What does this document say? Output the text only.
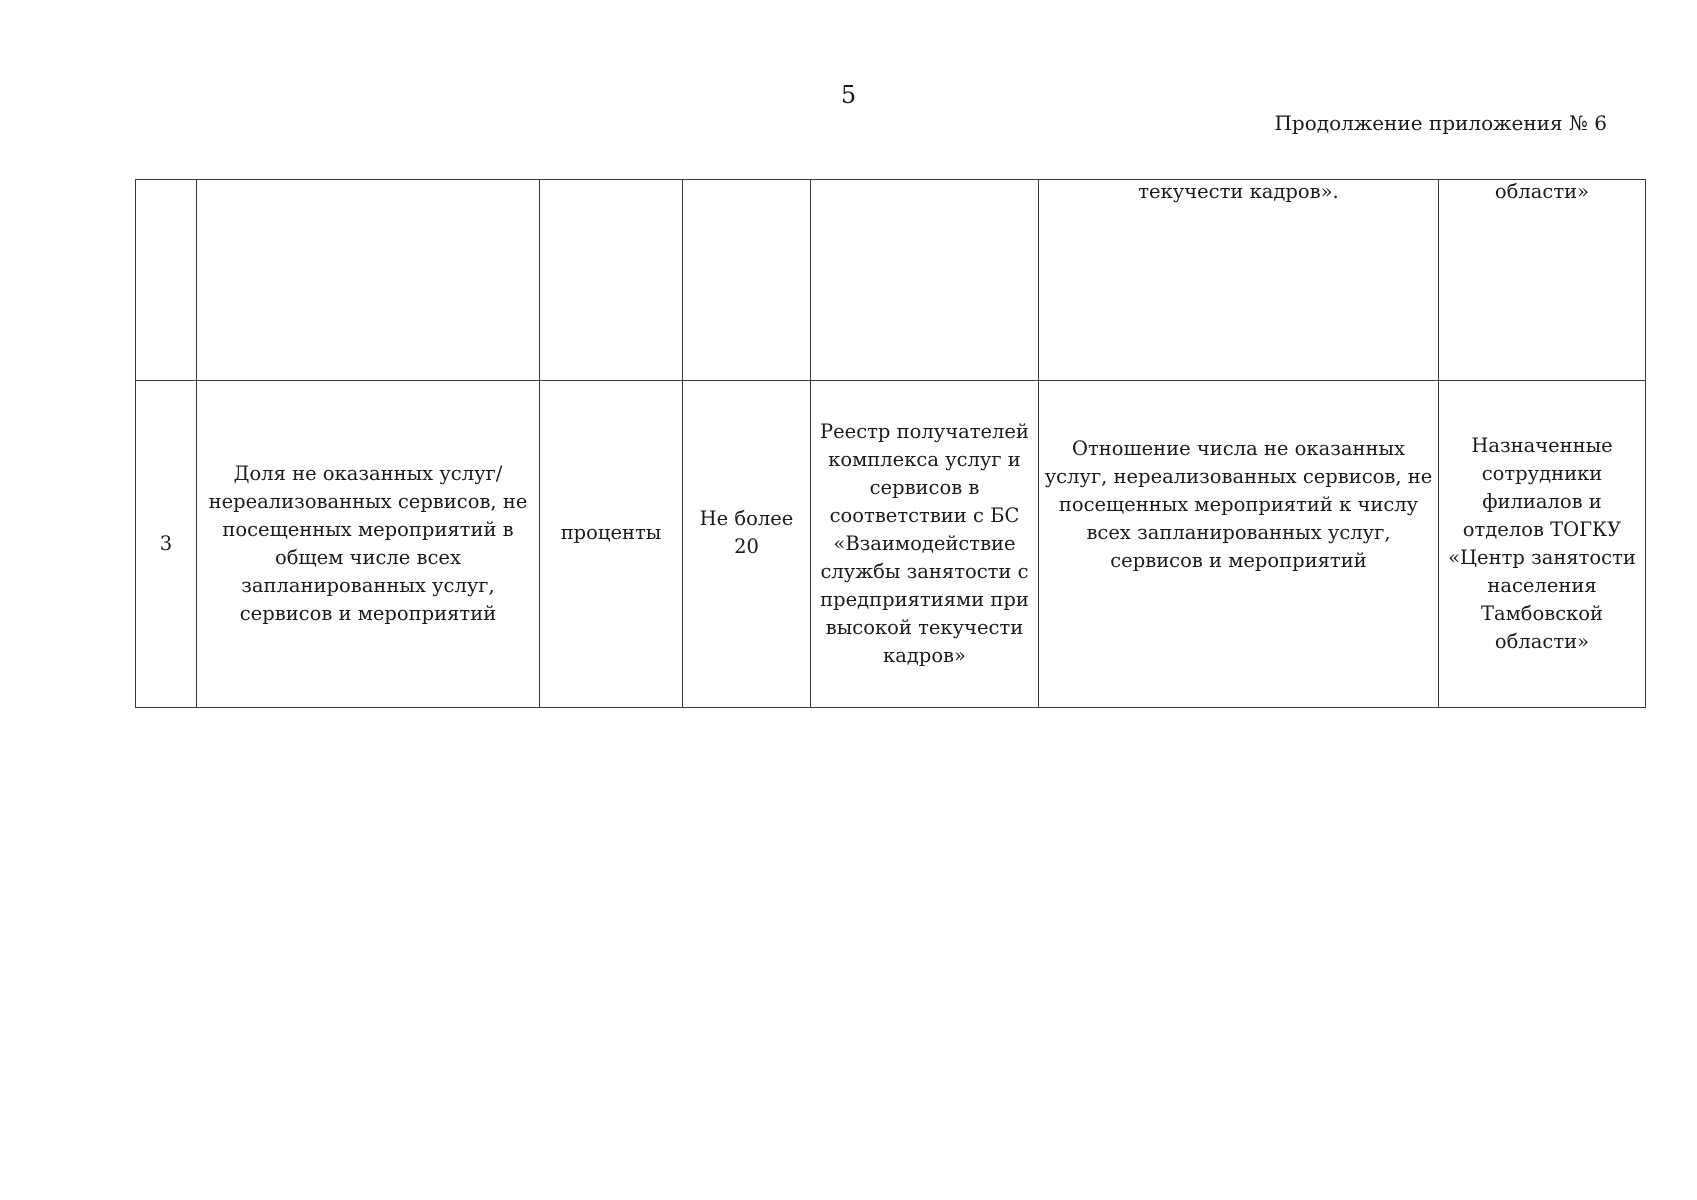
5
Продолжение приложения № 6

					текучести кадров».	области»

3	Доля не оказанных услуг/ нереализованных сервисов, не посещенных мероприятий в общем числе всех запланированных услуг, сервисов и мероприятий	проценты	Не более 20	Реестр получателей комплекса услуг и сервисов в соответствии с БС «Взаимодействие службы занятости с предприятиями при высокой текучести кадров»	Отношение числа не оказанных услуг, нереализованных сервисов, не посещенных мероприятий к числу всех запланированных услуг, сервисов и мероприятий	Назначенные сотрудники филиалов и отделов ТОГКУ «Центр занятости населения Тамбовской области»
